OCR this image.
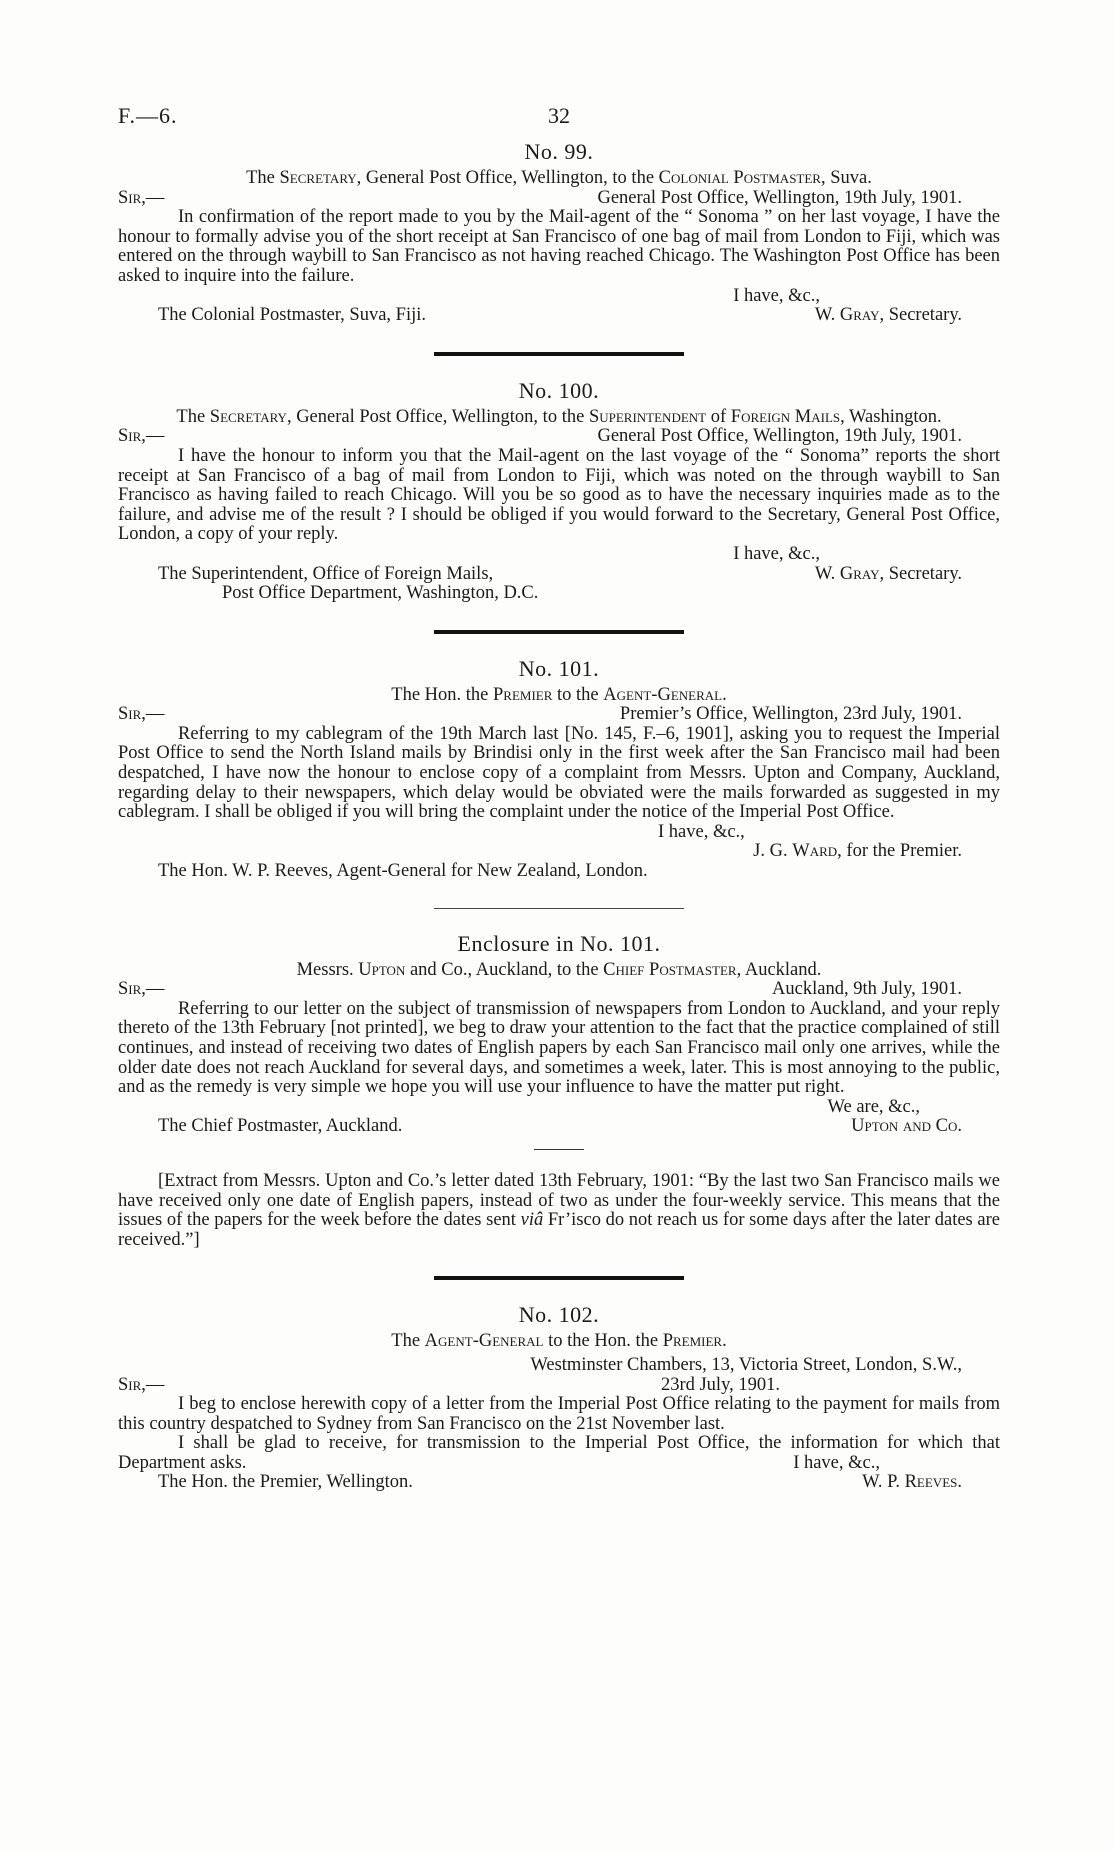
F.—6.	32
No. 99.
The Secretary, General Post Office, Wellington, to the Colonial Postmaster, Suva.
Sir,—	General Post Office, Wellington, 19th July, 1901.
In confirmation of the report made to you by the Mail-agent of the “ Sonoma ” on her last voyage, I have the honour to formally advise you of the short receipt at San Francisco of one bag of mail from London to Fiji, which was entered on the through waybill to San Francisco as not having reached Chicago. The Washington Post Office has been asked to inquire into the failure.
I have, &c.,
The Colonial Postmaster, Suva, Fiji.	W. Gray, Secretary.
No. 100.
The Secretary, General Post Office, Wellington, to the Superintendent of Foreign Mails, Washington.
Sir,—	General Post Office, Wellington, 19th July, 1901.
I have the honour to inform you that the Mail-agent on the last voyage of the “ Sonoma” reports the short receipt at San Francisco of a bag of mail from London to Fiji, which was noted on the through waybill to San Francisco as having failed to reach Chicago. Will you be so good as to have the necessary inquiries made as to the failure, and advise me of the result ? I should be obliged if you would forward to the Secretary, General Post Office, London, a copy of your reply.
I have, &c.,
The Superintendent, Office of Foreign Mails,	W. Gray, Secretary.
Post Office Department, Washington, D.C.
No. 101.
The Hon. the Premier to the Agent-General.
Sir,—	Premier’s Office, Wellington, 23rd July, 1901.
Referring to my cablegram of the 19th March last [No. 145, F.–6, 1901], asking you to request the Imperial Post Office to send the North Island mails by Brindisi only in the first week after the San Francisco mail had been despatched, I have now the honour to enclose copy of a complaint from Messrs. Upton and Company, Auckland, regarding delay to their newspapers, which delay would be obviated were the mails forwarded as suggested in my cablegram. I shall be obliged if you will bring the complaint under the notice of the Imperial Post Office.
I have, &c.,
J. G. Ward, for the Premier.
The Hon. W. P. Reeves, Agent-General for New Zealand, London.
Enclosure in No. 101.
Messrs. Upton and Co., Auckland, to the Chief Postmaster, Auckland.
Sir,—	Auckland, 9th July, 1901.
Referring to our letter on the subject of transmission of newspapers from London to Auckland, and your reply thereto of the 13th February [not printed], we beg to draw your attention to the fact that the practice complained of still continues, and instead of receiving two dates of English papers by each San Francisco mail only one arrives, while the older date does not reach Auckland for several days, and sometimes a week, later. This is most annoying to the public, and as the remedy is very simple we hope you will use your influence to have the matter put right.
We are, &c.,
The Chief Postmaster, Auckland.	Upton and Co.
[Extract from Messrs. Upton and Co.’s letter dated 13th February, 1901: “By the last two San Francisco mails we have received only one date of English papers, instead of two as under the four-weekly service. This means that the issues of the papers for the week before the dates sent viâ Fr’isco do not reach us for some days after the later dates are received.”]
No. 102.
The Agent-General to the Hon. the Premier.
Westminster Chambers, 13, Victoria Street, London, S.W.,
Sir,—	23rd July, 1901.
I beg to enclose herewith copy of a letter from the Imperial Post Office relating to the payment for mails from this country despatched to Sydney from San Francisco on the 21st November last.
I shall be glad to receive, for transmission to the Imperial Post Office, the information for which that Department asks.	I have, &c.,
The Hon. the Premier, Wellington.	W. P. Reeves.
